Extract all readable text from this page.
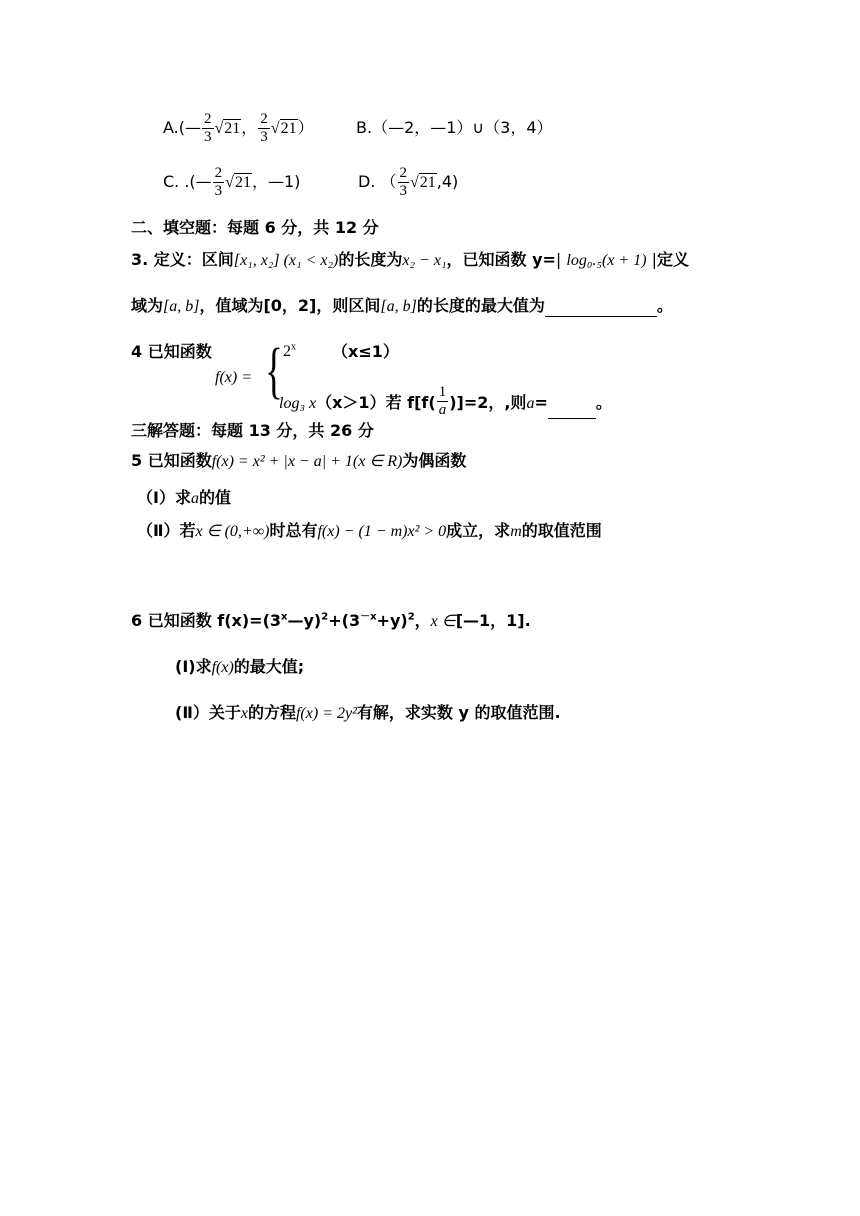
A.(— $\frac{2}{3} √21$， $\frac{2}{3} √21$）	B.（—2，—1）∪（3，4）
C. .(— $\frac{2}{3} √21$，—1)	D. （ $\frac{2}{3} √21,4$)
二、填空题：每题 6 分，共 12 分
3. 定义：区间[x₁, x₂] (x₁ < x₂)的长度为x₂ − x₁，已知函数 y=| log₀.₅(x + 1) |定义
域为[a, b]，值域为[0，2]，则区间[a, b]的长度的最大值为	。
4 已知函数
f(x) = { 2$^x$ （x≤1）
log₃ x（x＞1）若 $f[f( \frac{1}{a} )]=2$，,则a=	。
三解答题：每题 13 分，共 26 分
5 已知函数f(x) = x² + |x − a| + 1(x ∈ R)为偶函数
（Ⅰ）求a的值
（Ⅱ）若x ∈ (0,+∞)时总有f(x) − (1 − m)x² > 0成立，求m的取值范围
6 已知函数 $f(x)=(3^x—y)^2+(3^{-x}+y)^2$，x ∈[—1，1].
(Ⅰ)求f(x)的最大值;
(Ⅱ）关于x的方程f(x) = 2y²有解，求实数 y 的取值范围.
